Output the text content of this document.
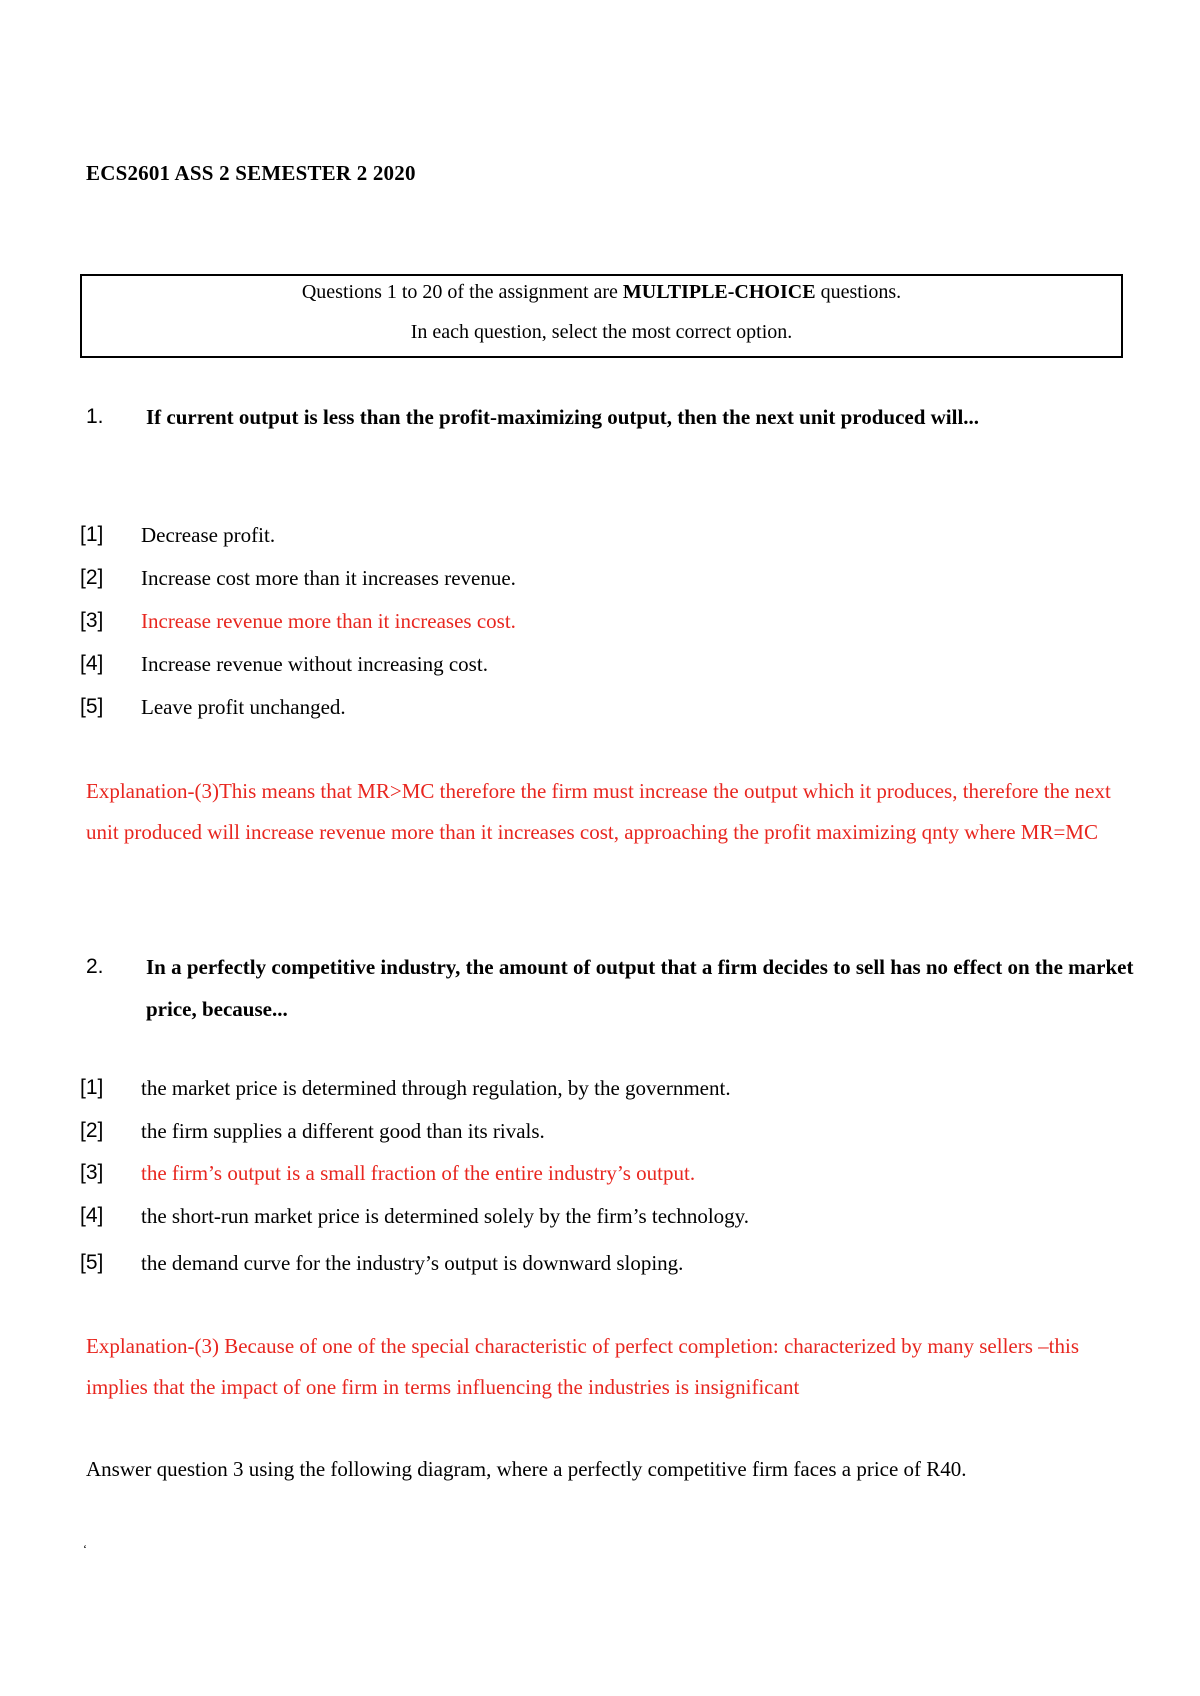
ECS2601 ASS 2 SEMESTER 2 2020
Questions 1 to 20 of the assignment are MULTIPLE-CHOICE questions.
In each question, select the most correct option.
1. If current output is less than the profit-maximizing output, then the next unit produced will...
[1] Decrease profit.
[2] Increase cost more than it increases revenue.
[3] Increase revenue more than it increases cost.
[4] Increase revenue without increasing cost.
[5] Leave profit unchanged.
Explanation-(3)This means that MR>MC therefore the firm must increase the output which it produces, therefore the next unit produced will increase revenue more than it increases cost, approaching the profit maximizing qnty where MR=MC
2. In a perfectly competitive industry, the amount of output that a firm decides to sell has no effect on the market price, because...
[1] the market price is determined through regulation, by the government.
[2] the firm supplies a different good than its rivals.
[3] the firm’s output is a small fraction of the entire industry’s output.
[4] the short-run market price is determined solely by the firm’s technology.
[5] the demand curve for the industry’s output is downward sloping.
Explanation-(3) Because of one of the special characteristic of perfect completion: characterized by many sellers –this implies that the impact of one firm in terms influencing the industries is insignificant
Answer question 3 using the following diagram, where a perfectly competitive firm faces a price of R40.
‘
